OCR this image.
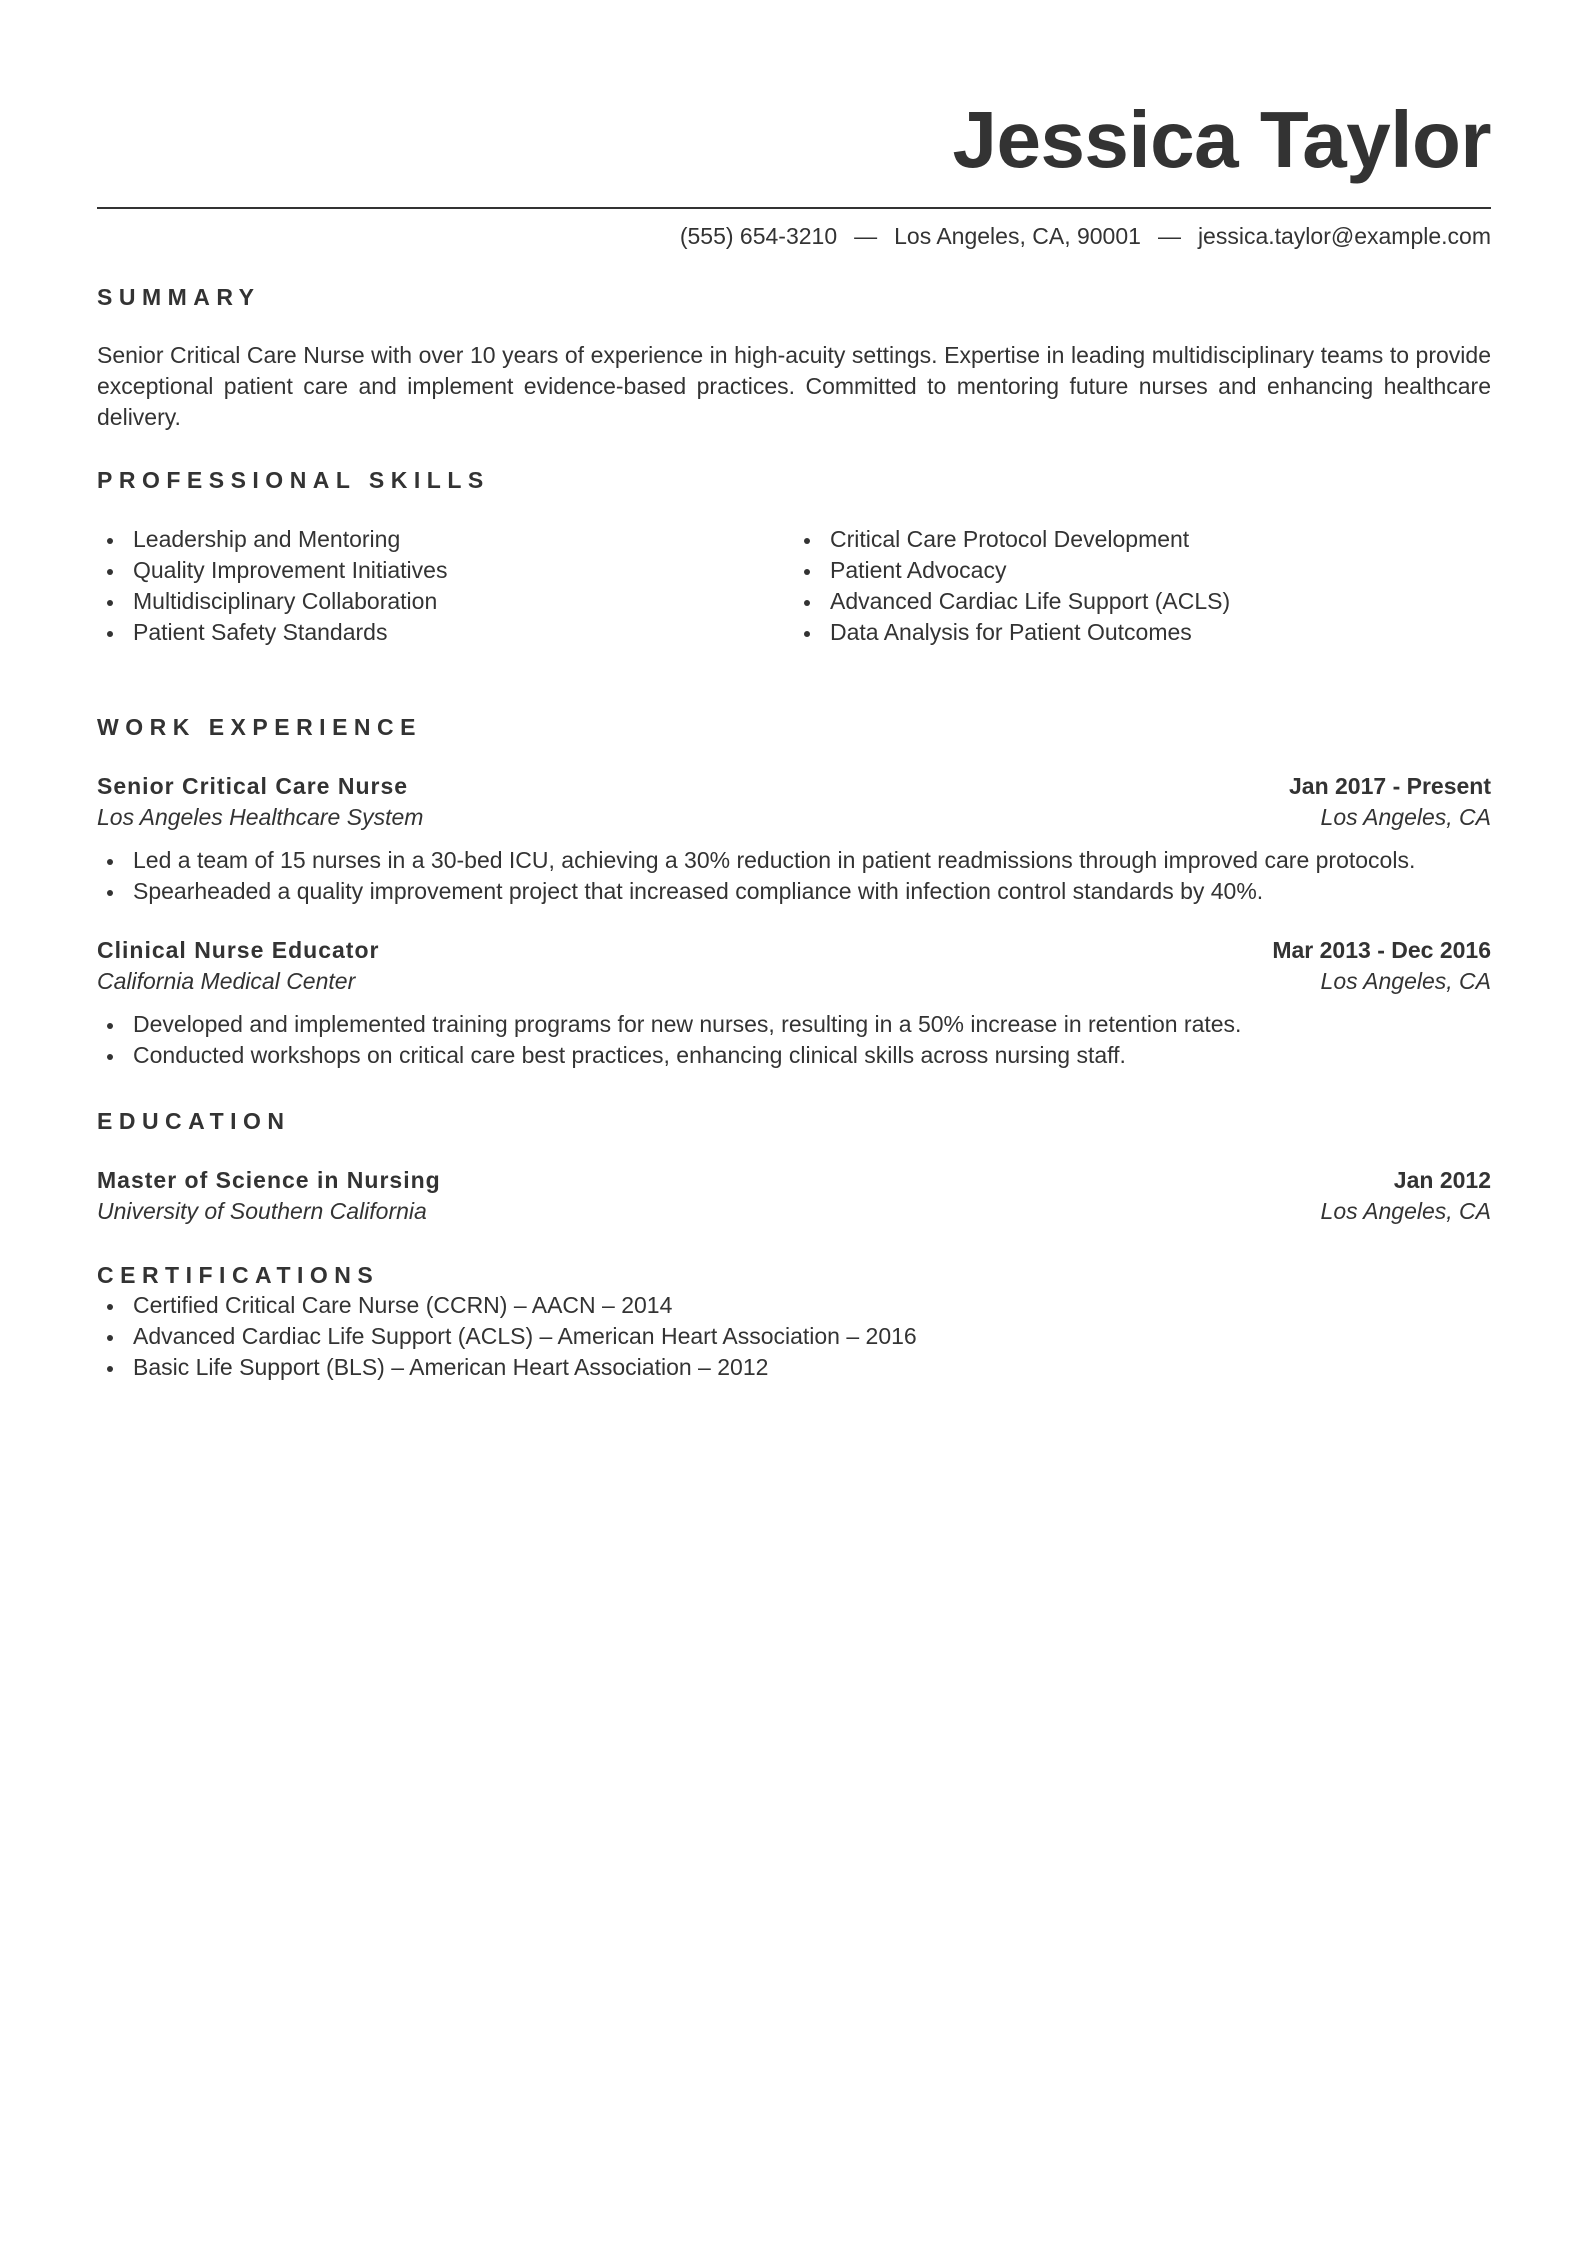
Jessica Taylor
(555) 654-3210 — Los Angeles, CA, 90001 — jessica.taylor@example.com
SUMMARY
Senior Critical Care Nurse with over 10 years of experience in high-acuity settings. Expertise in leading multidisciplinary teams to provide exceptional patient care and implement evidence-based practices. Committed to mentoring future nurses and enhancing healthcare delivery.
PROFESSIONAL SKILLS
Leadership and Mentoring
Quality Improvement Initiatives
Multidisciplinary Collaboration
Patient Safety Standards
Critical Care Protocol Development
Patient Advocacy
Advanced Cardiac Life Support (ACLS)
Data Analysis for Patient Outcomes
WORK EXPERIENCE
Senior Critical Care Nurse	Jan 2017 - Present
Los Angeles Healthcare System	Los Angeles, CA
Led a team of 15 nurses in a 30-bed ICU, achieving a 30% reduction in patient readmissions through improved care protocols.
Spearheaded a quality improvement project that increased compliance with infection control standards by 40%.
Clinical Nurse Educator	Mar 2013 - Dec 2016
California Medical Center	Los Angeles, CA
Developed and implemented training programs for new nurses, resulting in a 50% increase in retention rates.
Conducted workshops on critical care best practices, enhancing clinical skills across nursing staff.
EDUCATION
Master of Science in Nursing	Jan 2012
University of Southern California	Los Angeles, CA
CERTIFICATIONS
Certified Critical Care Nurse (CCRN) – AACN – 2014
Advanced Cardiac Life Support (ACLS) – American Heart Association – 2016
Basic Life Support (BLS) – American Heart Association – 2012
